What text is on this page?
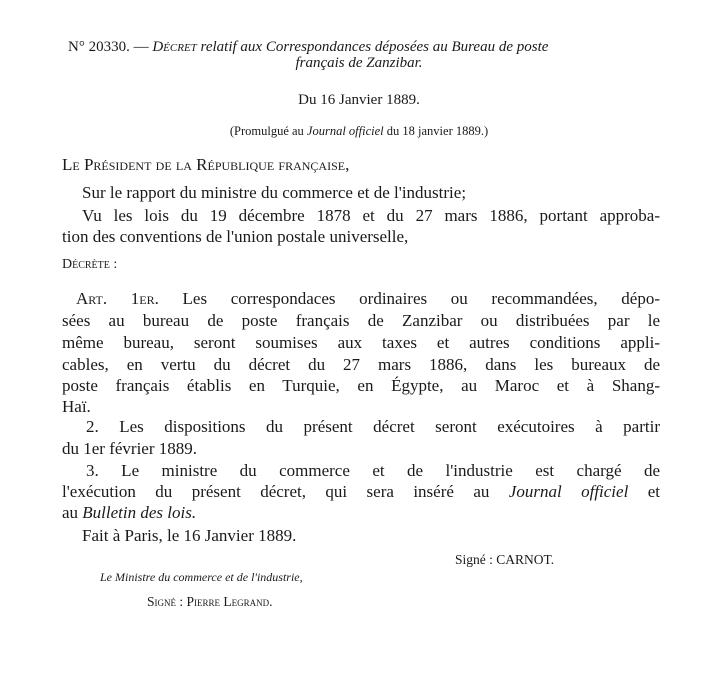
N° 20330. — Décret relatif aux Correspondances déposées au Bureau de poste
français de Zanzibar.
Du 16 Janvier 1889.
(Promulgué au Journal officiel du 18 janvier 1889.)
Le Président de la République française,
Sur le rapport du ministre du commerce et de l'industrie;
Vu les lois du 19 décembre 1878 et du 27 mars 1886, portant approba-
tion des conventions de l'union postale universelle,
Décrète :
Art. 1er. Les correspondaces ordinaires ou recommandées, dépo-
sées au bureau de poste français de Zanzibar ou distribuées par le
même bureau, seront soumises aux taxes et autres conditions appli-
cables, en vertu du décret du 27 mars 1886, dans les bureaux de
poste français établis en Turquie, en Égypte, au Maroc et à Shang-
Haï.
2. Les dispositions du présent décret seront exécutoires à partir
du 1er février 1889.
3. Le ministre du commerce et de l'industrie est chargé de
l'exécution du présent décret, qui sera inséré au Journal officiel et
au Bulletin des lois.
Fait à Paris, le 16 Janvier 1889.
Signé : CARNOT.
Le Ministre du commerce et de l'industrie,
Signé : Pierre Legrand.
